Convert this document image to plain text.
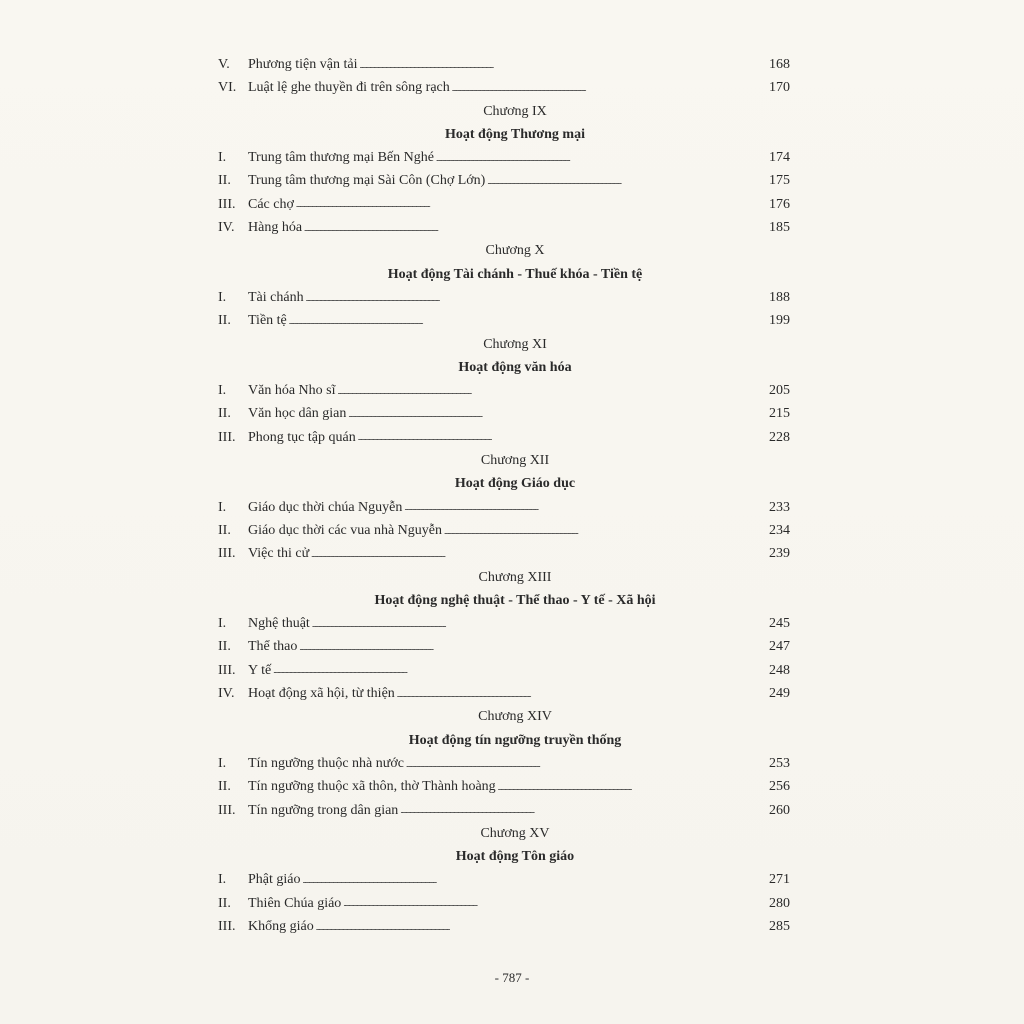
V.	Phương tiện vận tải . . .	168
VI. Luật lệ ghe thuyền đi trên sông rạch . . .	170
Chương IX
Hoạt động Thương mại
I.	Trung tâm thương mại Bến Nghé . . .	174
II.	Trung tâm thương mại Sài Côn (Chợ Lớn) . . .	175
III. Các chợ . . .	176
IV. Hàng hóa . . .	185
Chương X
Hoạt động Tài chánh - Thuế khóa - Tiền tệ
I.	Tài chánh . . .	188
II.	Tiền tệ . . .	199
Chương XI
Hoạt động văn hóa
I.	Văn hóa Nho sĩ . . .	205
II.	Văn học dân gian . . .	215
III. Phong tục tập quán . . .	228
Chương XII
Hoạt động Giáo dục
I.	Giáo dục thời chúa Nguyễn . . .	233
II.	Giáo dục thời các vua nhà Nguyễn . . .	234
III. Việc thi cử . . .	239
Chương XIII
Hoạt động nghệ thuật - Thể thao - Y tế - Xã hội
I.	Nghệ thuật . . .	245
II.	Thể thao . . .	247
III. Y tế . . .	248
IV. Hoạt động xã hội, từ thiện . . .	249
Chương XIV
Hoạt động tín ngưỡng truyền thống
I.	Tín ngưỡng thuộc nhà nước . . .	253
II.	Tín ngưỡng thuộc xã thôn, thờ Thành hoàng . . .	256
III. Tín ngưỡng trong dân gian . . .	260
Chương XV
Hoạt động Tôn giáo
I.	Phật giáo . . .	271
II.	Thiên Chúa giáo . . .	280
III. Khổng giáo . . .	285
- 787 -
